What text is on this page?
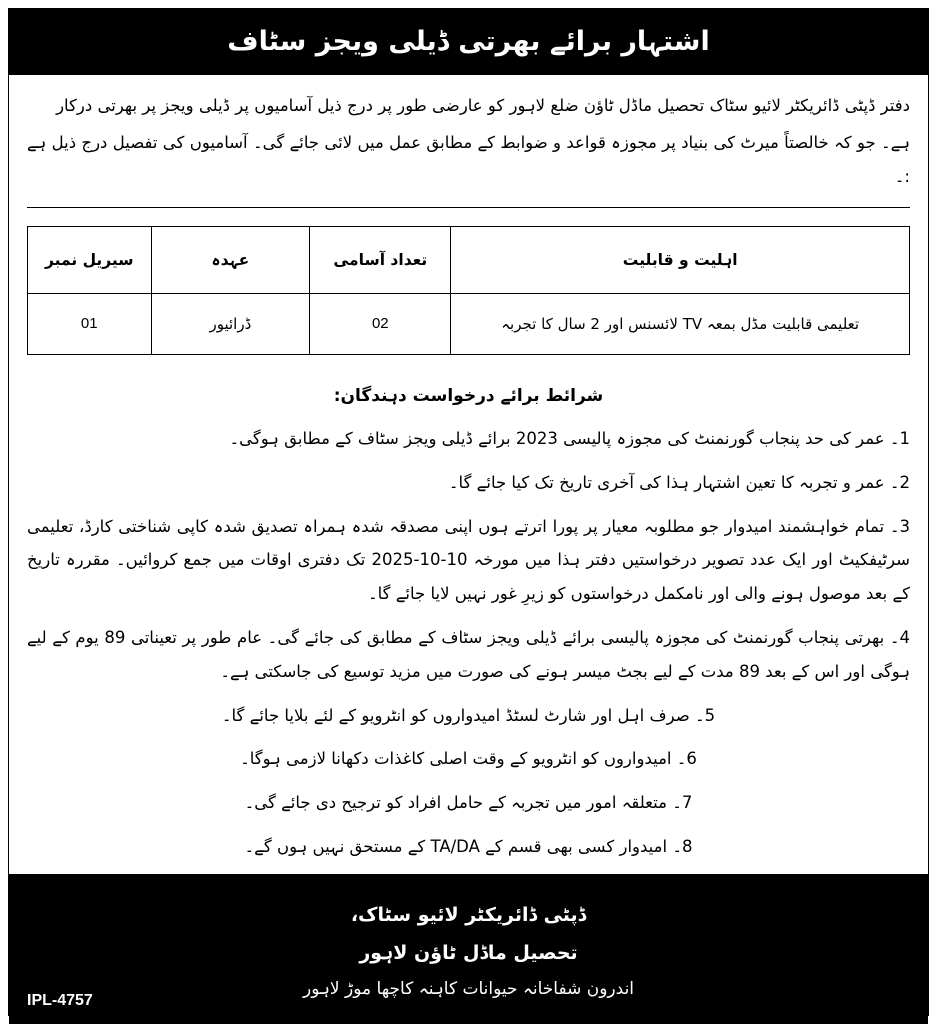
اشتہار برائے بھرتی ڈیلی ویجز سٹاف

دفتر ڈپٹی ڈائریکٹر لائیو سٹاک تحصیل ماڈل ٹاؤن ضلع لاہور کو عارضی طور پر درج ذیل آسامیوں پر ڈیلی ویجز پر بھرتی درکار

ہے۔ جو کہ خالصتاً میرٹ کی بنیاد پر مجوزہ قواعد و ضوابط کے مطابق عمل میں لائی جائے گی۔ آسامیوں کی تفصیل درج ذیل ہے :۔

اہلیت و قابلیت	تعداد آسامی	عہدہ	سیریل نمبر
تعلیمی قابلیت مڈل بمعہ TV لائسنس اور 2 سال کا تجربہ	02	ڈرائیور	01
شرائط برائے درخواست دہندگان:
1۔ عمر کی حد پنجاب گورنمنٹ کی مجوزہ پالیسی 2023 برائے ڈیلی ویجز سٹاف کے مطابق ہوگی۔
2۔ عمر و تجربہ کا تعین اشتہار ہذا کی آخری تاریخ تک کیا جائے گا۔
3۔ تمام خواہشمند امیدوار جو مطلوبہ معیار پر پورا اترتے ہوں اپنی مصدقہ شدہ ہمراہ تصدیق شدہ کاپی شناختی کارڈ، تعلیمی سرٹیفکیٹ اور ایک عدد تصویر درخواستیں دفتر ہذا میں مورخہ 10-10-2025 تک دفتری اوقات میں جمع کروائیں۔ مقررہ تاریخ کے بعد موصول ہونے والی اور نامکمل درخواستوں کو زیرِ غور نہیں لایا جائے گا۔
4۔ بھرتی پنجاب گورنمنٹ کی مجوزہ پالیسی برائے ڈیلی ویجز سٹاف کے مطابق کی جائے گی۔ عام طور پر تعیناتی 89 یوم کے لیے ہوگی اور اس کے بعد 89 مدت کے لیے بجٹ میسر ہونے کی صورت میں مزید توسیع کی جاسکتی ہے۔
5۔ صرف اہل اور شارٹ لسٹڈ امیدواروں کو انٹرویو کے لئے بلایا جائے گا۔
6۔ امیدواروں کو انٹرویو کے وقت اصلی کاغذات دکھانا لازمی ہوگا۔
7۔ متعلقہ امور میں تجربہ کے حامل افراد کو ترجیح دی جائے گی۔
8۔ امیدوار کسی بھی قسم کے TA/DA کے مستحق نہیں ہوں گے۔
ڈپٹی ڈائریکٹر لائیو سٹاک،
تحصیل ماڈل ٹاؤن لاہور
اندرون شفاخانہ حیوانات کاہنہ کاچھا موڑ لاہور
IPL-4757
